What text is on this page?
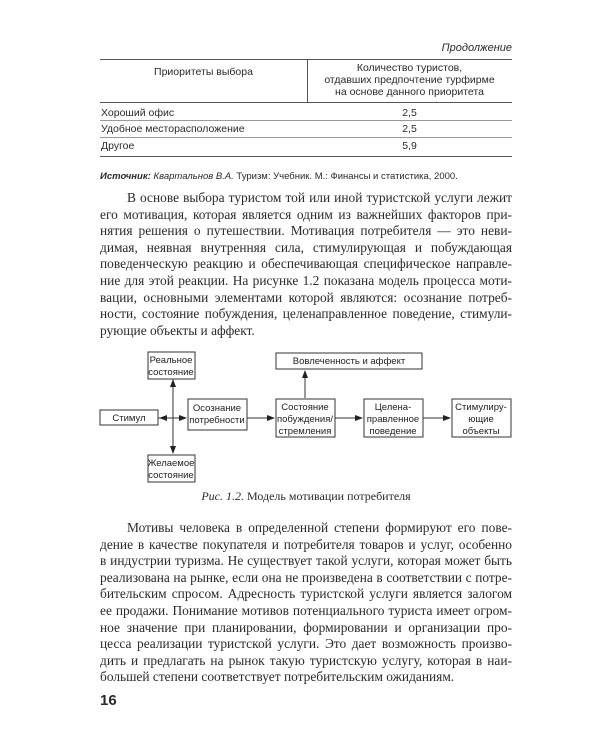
Продолжение
Приоритеты выбора	Количество туристов,
отдавших предпочтение турфирме
на основе данного приоритета
Хороший офис	2,5
Удобное месторасположение	2,5
Другое	5,9
Источник: Квартальнов В.А. Туризм: Учебник. М.: Финансы и статистика, 2000.
В основе выбора туристом той или иной туристской услуги лежит
его мотивация, которая является одним из важнейших факторов при-
нятия решения о путешествии. Мотивация потребителя — это неви-
димая, неявная внутренняя сила, стимулирующая и побуждающая
поведенческую реакцию и обеспечивающая специфическое направле-
ние для этой реакции. На рисунке 1.2 показана модель процесса моти-
вации, основными элементами которой являются: осознание потреб-
ности, состояние побуждения, целенаправленное поведение, стимули-
рующие объекты и аффект.
Стимул
Реальное
состояние
Желаемое
состояние
Осознание
потребности
Состояние
побуждения/
стремления
Целена-
правленное
поведение
Стимулиру-
ющие
объекты
Вовлеченность и аффект
Рис. 1.2. Модель мотивации потребителя
Мотивы человека в определенной степени формируют его пове-
дение в качестве покупателя и потребителя товаров и услуг, особенно
в индустрии туризма. Не существует такой услуги, которая может быть
реализована на рынке, если она не произведена в соответствии с потре-
бительским спросом. Адресность туристской услуги является залогом
ее продажи. Понимание мотивов потенциального туриста имеет огром-
ное значение при планировании, формировании и организации про-
цесса реализации туристской услуги. Это дает возможность произво-
дить и предлагать на рынок такую туристскую услугу, которая в наи-
большей степени соответствует потребительским ожиданиям.
16
